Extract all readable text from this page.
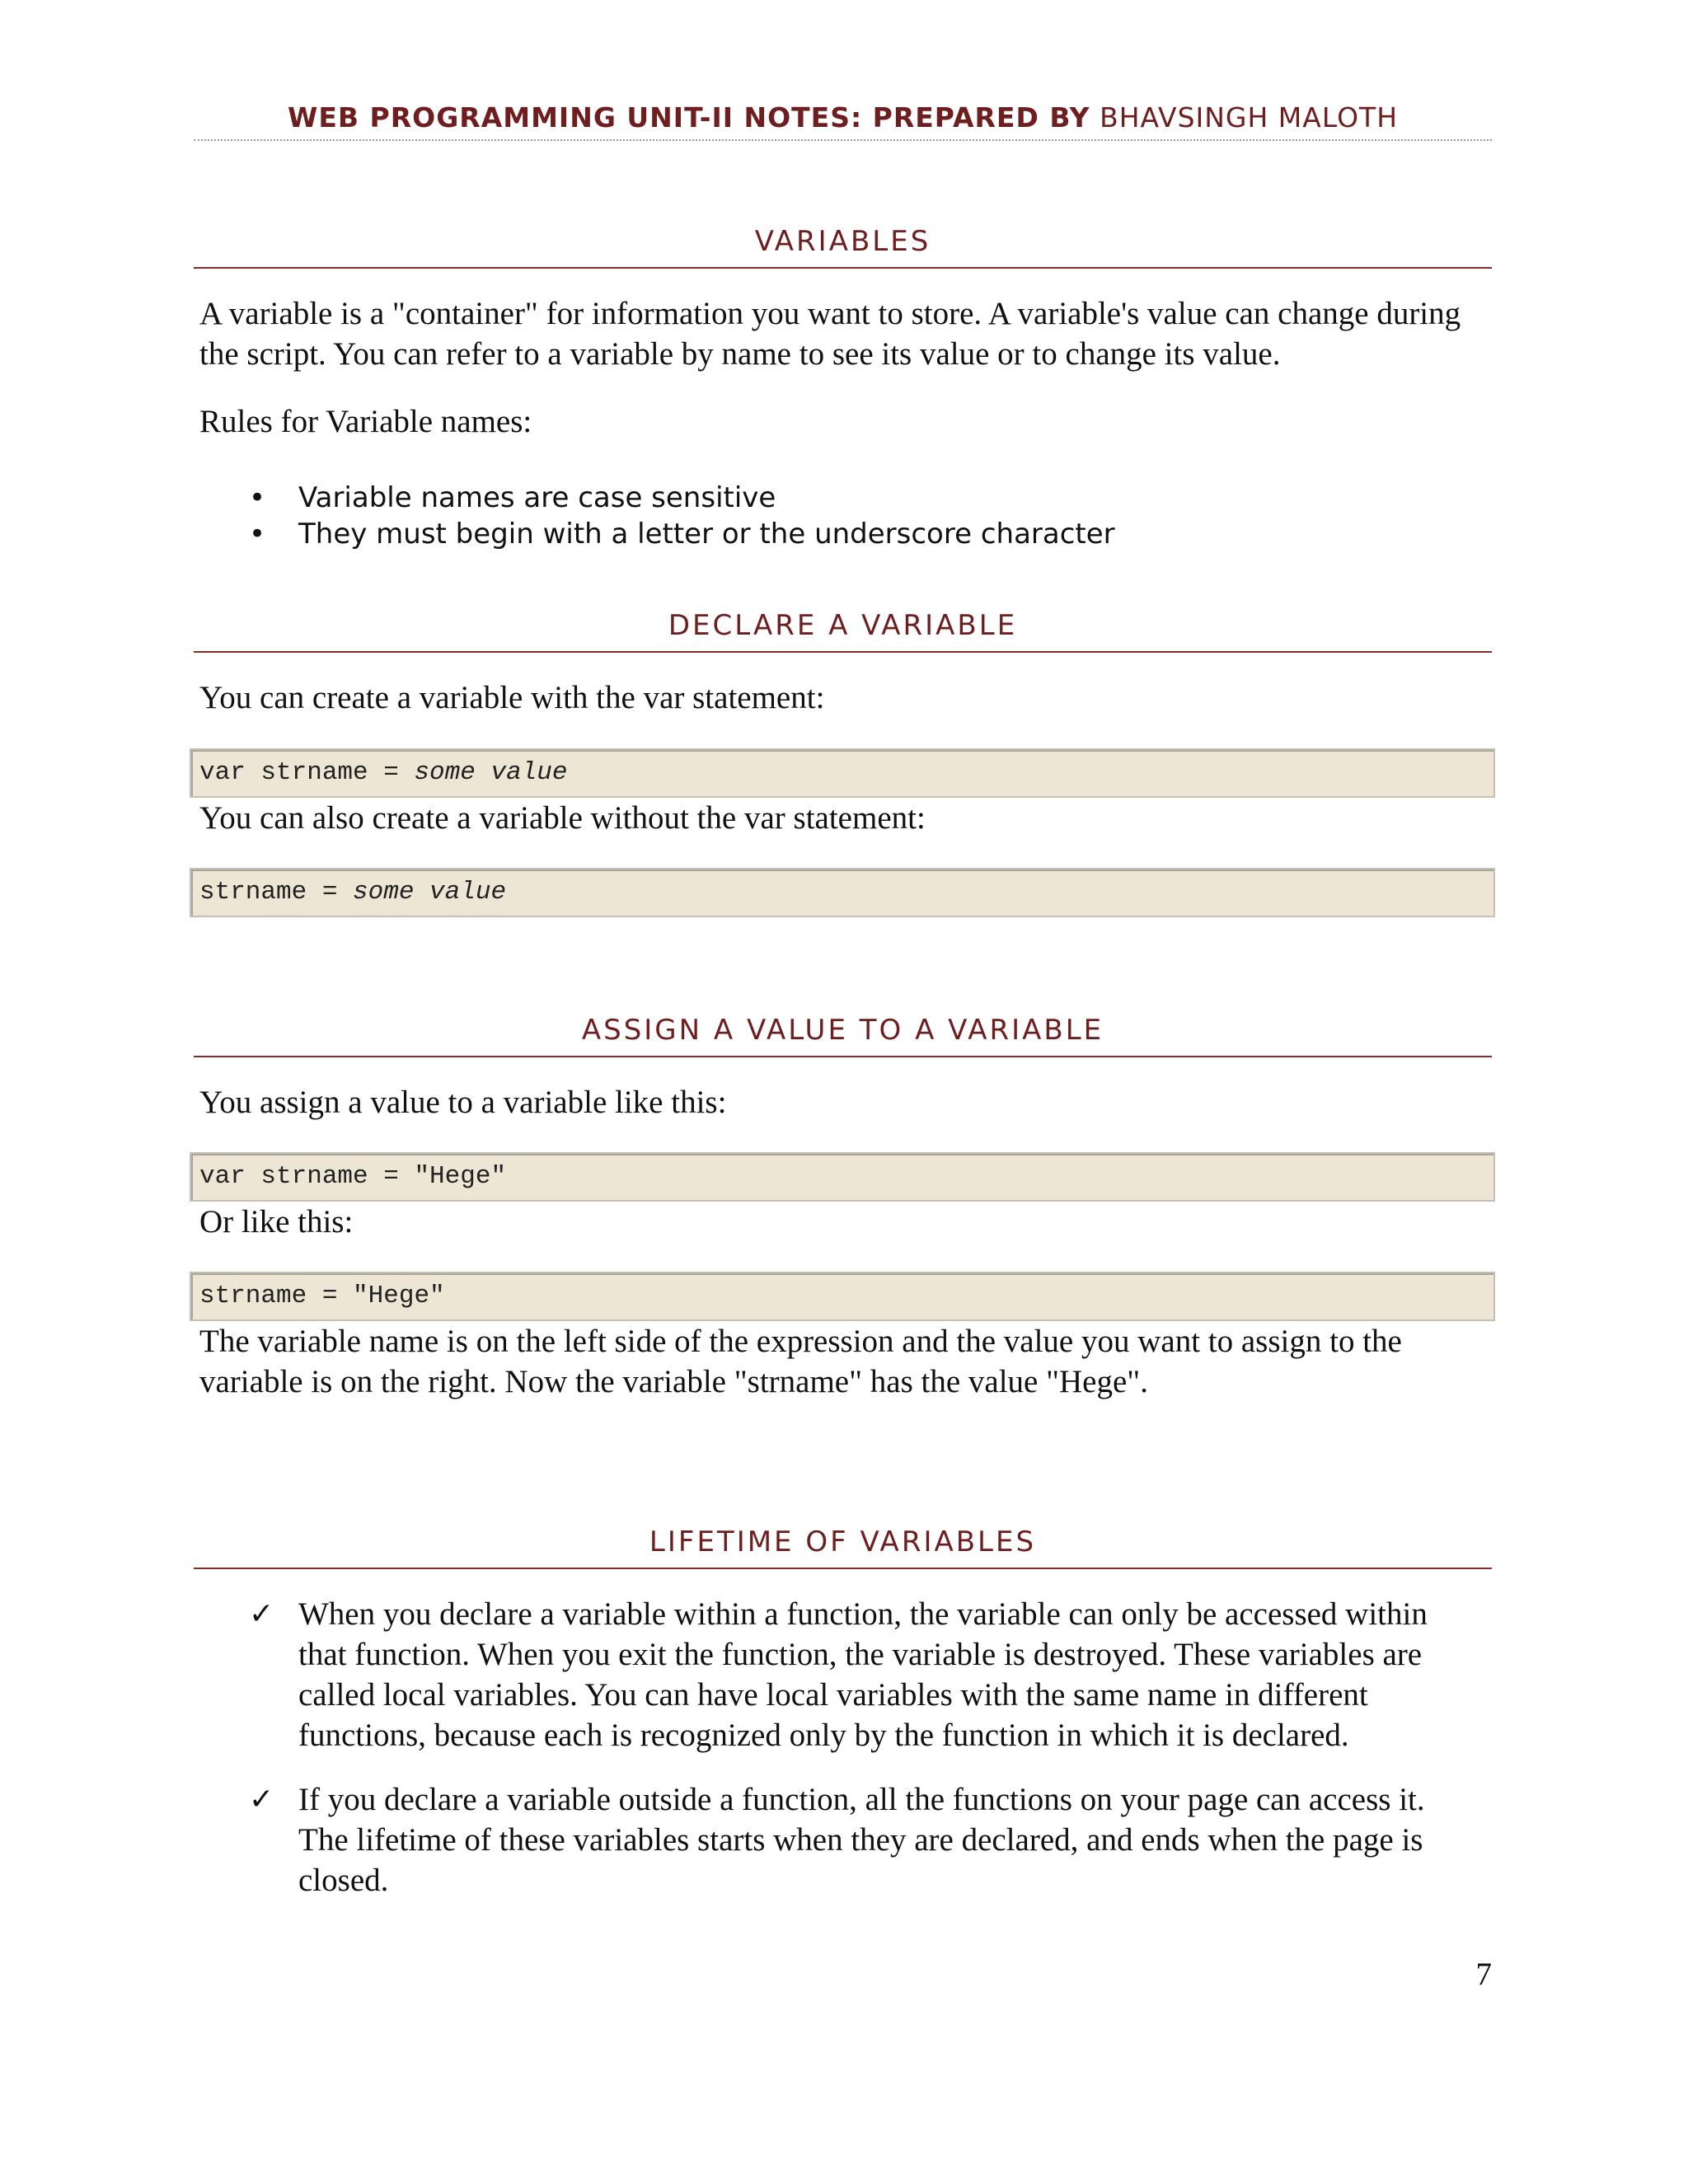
WEB PROGRAMMING UNIT-II NOTES: PREPARED BY BHAVSINGH MALOTH
VARIABLES

A variable is a "container" for information you want to store. A variable's value can change during the script. You can refer to a variable by name to see its value or to change its value.

Rules for Variable names:

• Variable names are case sensitive
• They must begin with a letter or the underscore character
DECLARE A VARIABLE

You can create a variable with the var statement:

var strname = some value

You can also create a variable without the var statement:

strname = some value
ASSIGN A VALUE TO A VARIABLE

You assign a value to a variable like this:

var strname = "Hege"

Or like this:

strname = "Hege"

The variable name is on the left side of the expression and the value you want to assign to the variable is on the right. Now the variable "strname" has the value "Hege".

LIFETIME OF VARIABLES
✓ When you declare a variable within a function, the variable can only be accessed within that function. When you exit the function, the variable is destroyed. These variables are called local variables. You can have local variables with the same name in different functions, because each is recognized only by the function in which it is declared.
✓ If you declare a variable outside a function, all the functions on your page can access it. The lifetime of these variables starts when they are declared, and ends when the page is closed.
7
